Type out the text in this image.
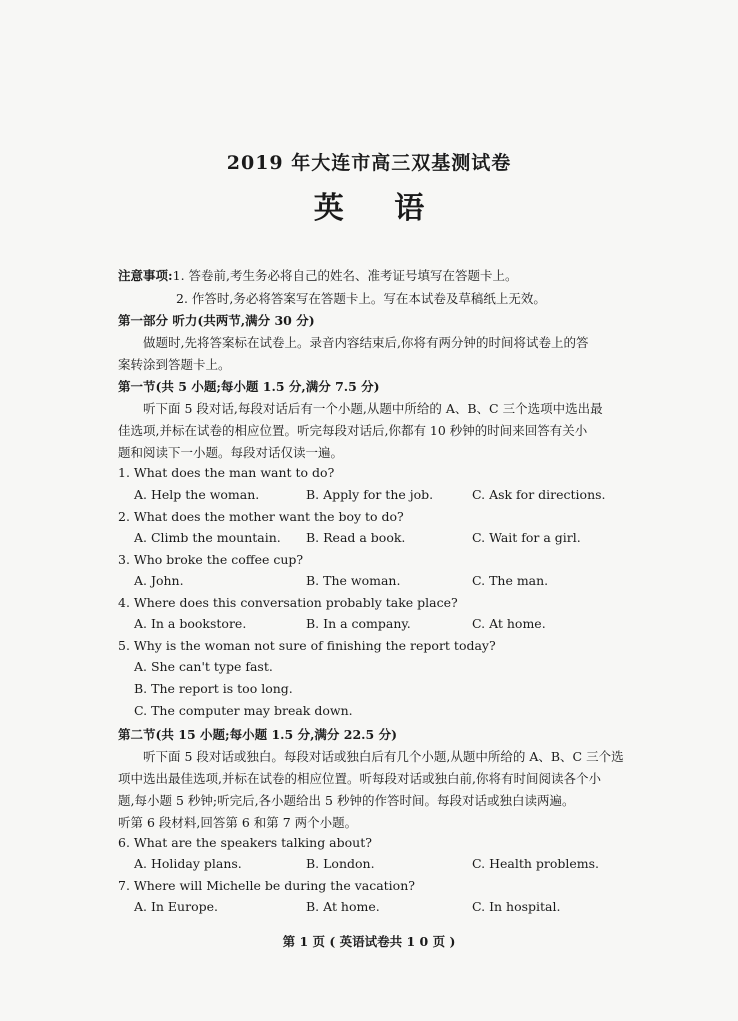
2019 年大连市高三双基测试卷
英 语
注意事项:1. 答卷前,考生务必将自己的姓名、准考证号填写在答题卡上。
2. 作答时,务必将答案写在答题卡上。写在本试卷及草稿纸上无效。
第一部分 听力(共两节,满分 30 分)
做题时,先将答案标在试卷上。录音内容结束后,你将有两分钟的时间将试卷上的答
案转涂到答题卡上。
第一节(共 5 小题;每小题 1.5 分,满分 7.5 分)
听下面 5 段对话,每段对话后有一个小题,从题中所给的 A、B、C 三个选项中选出最
佳选项,并标在试卷的相应位置。听完每段对话后,你都有 10 秒钟的时间来回答有关小
题和阅读下一小题。每段对话仅读一遍。
1. What does the man want to do?
A. Help the woman.	B. Apply for the job.	C. Ask for directions.
2. What does the mother want the boy to do?
A. Climb the mountain. B. Read a book.	C. Wait for a girl.
3. Who broke the coffee cup?
A. John.	B. The woman.	C. The man.
4. Where does this conversation probably take place?
A. In a bookstore.	B. In a company.	C. At home.
5. Why is the woman not sure of finishing the report today?
A. She can't type fast.
B. The report is too long.
C. The computer may break down.
第二节(共 15 小题;每小题 1.5 分,满分 22.5 分)
听下面 5 段对话或独白。每段对话或独白后有几个小题,从题中所给的 A、B、C 三个选
项中选出最佳选项,并标在试卷的相应位置。听每段对话或独白前,你将有时间阅读各个小
题,每小题 5 秒钟;听完后,各小题给出 5 秒钟的作答时间。每段对话或独白读两遍。
听第 6 段材料,回答第 6 和第 7 两个小题。
6. What are the speakers talking about?
A. Holiday plans.	B. London.	C. Health problems.
7. Where will Michelle be during the vacation?
A. In Europe.	B. At home.	C. In hospital.
第 1 页 ( 英语试卷共 1 0 页 )
